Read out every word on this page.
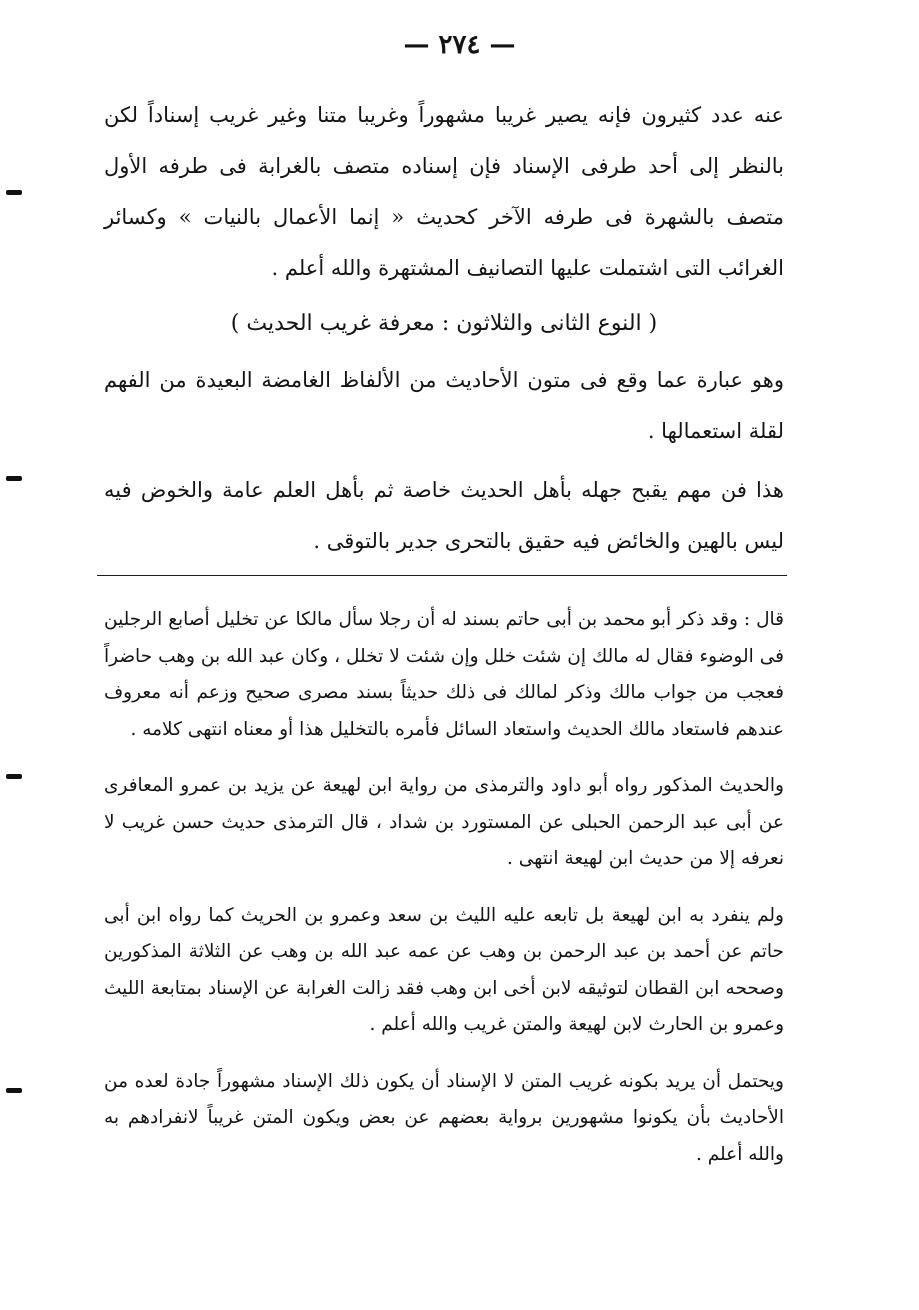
— ٢٧٤ —

عنه عدد كثيرون فإنه يصير غريبا مشهوراً وغريبا متنا وغير غريب إسناداً لكن بالنظر إلى أحد طرفى الإسناد فإن إسناده متصف بالغرابة فى طرفه الأول متصف بالشهرة فى طرفه الآخر كحديث « إنما الأعمال بالنيات » وكسائر الغرائب التى اشتملت عليها التصانيف المشتهرة والله أعلم .

( النوع الثانى والثلاثون : معرفة غريب الحديث )

وهو عبارة عما وقع فى متون الأحاديث من الألفاظ الغامضة البعيدة من الفهم لقلة استعمالها .

هذا فن مهم يقبح جهله بأهل الحديث خاصة ثم بأهل العلم عامة والخوض فيه ليس بالهين والخائض فيه حقيق بالتحرى جدير بالتوقى .

قال : وقد ذكر أبو محمد بن أبى حاتم بسند له أن رجلا سأل مالكا عن تخليل أصابع الرجلين فى الوضوء فقال له مالك إن شئت خلل وإن شئت لا تخلل ، وكان عبد الله بن وهب حاضراً فعجب من جواب مالك وذكر لمالك فى ذلك حديثاً بسند مصرى صحيح وزعم أنه معروف عندهم فاستعاد مالك الحديث واستعاد السائل فأمره بالتخليل هذا أو معناه انتهى كلامه .

والحديث المذكور رواه أبو داود والترمذى من رواية ابن لهيعة عن يزيد بن عمرو المعافرى عن أبى عبد الرحمن الحبلى عن المستورد بن شداد ، قال الترمذى حديث حسن غريب لا نعرفه إلا من حديث ابن لهيعة انتهى .

ولم ينفرد به ابن لهيعة بل تابعه عليه الليث بن سعد وعمرو بن الحريث كما رواه ابن أبى حاتم عن أحمد بن عبد الرحمن بن وهب عن عمه عبد الله بن وهب عن الثلاثة المذكورين وصححه ابن القطان لتوثيقه لابن أخى ابن وهب فقد زالت الغرابة عن الإسناد بمتابعة الليث وعمرو بن الحارث لابن لهيعة والمتن غريب والله أعلم .

ويحتمل أن يريد بكونه غريب المتن لا الإسناد أن يكون ذلك الإسناد مشهوراً جادة لعده من الأحاديث بأن يكونوا مشهورين برواية بعضهم عن بعض ويكون المتن غريباً لانفرادهم به والله أعلم .
